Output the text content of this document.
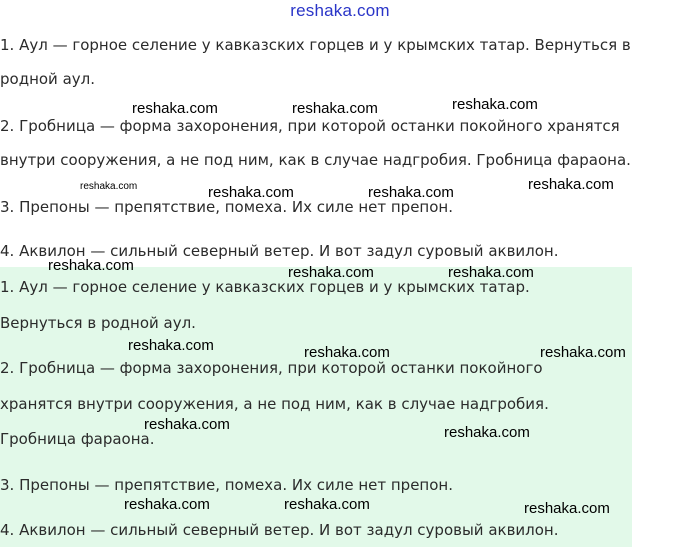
reshaka.com
1. Аул — горное селение у кавказских горцев и у крымских татар. Вернуться в
родной аул.
2. Гробница — форма захоронения, при которой останки покойного хранятся
внутри сооружения, а не под ним, как в случае надгробия. Гробница фараона.
3. Препоны — препятствие, помеха. Их силе нет препон.
4. Аквилон — сильный северный ветер. И вот задул суровый аквилон.
1. Аул — горное селение у кавказских горцев и у крымских татар.
Вернуться в родной аул.
2. Гробница — форма захоронения, при которой останки покойного
хранятся внутри сооружения, а не под ним, как в случае надгробия.
Гробница фараона.
3. Препоны — препятствие, помеха. Их силе нет препон.
4. Аквилон — сильный северный ветер. И вот задул суровый аквилон.
reshaka.com	reshaka.com	reshaka.com
reshaka.com	reshaka.com	reshaka.com	reshaka.com
reshaka.com	reshaka.com	reshaka.com
reshaka.com	reshaka.com	reshaka.com
reshaka.com	reshaka.com
reshaka.com	reshaka.com	reshaka.com
